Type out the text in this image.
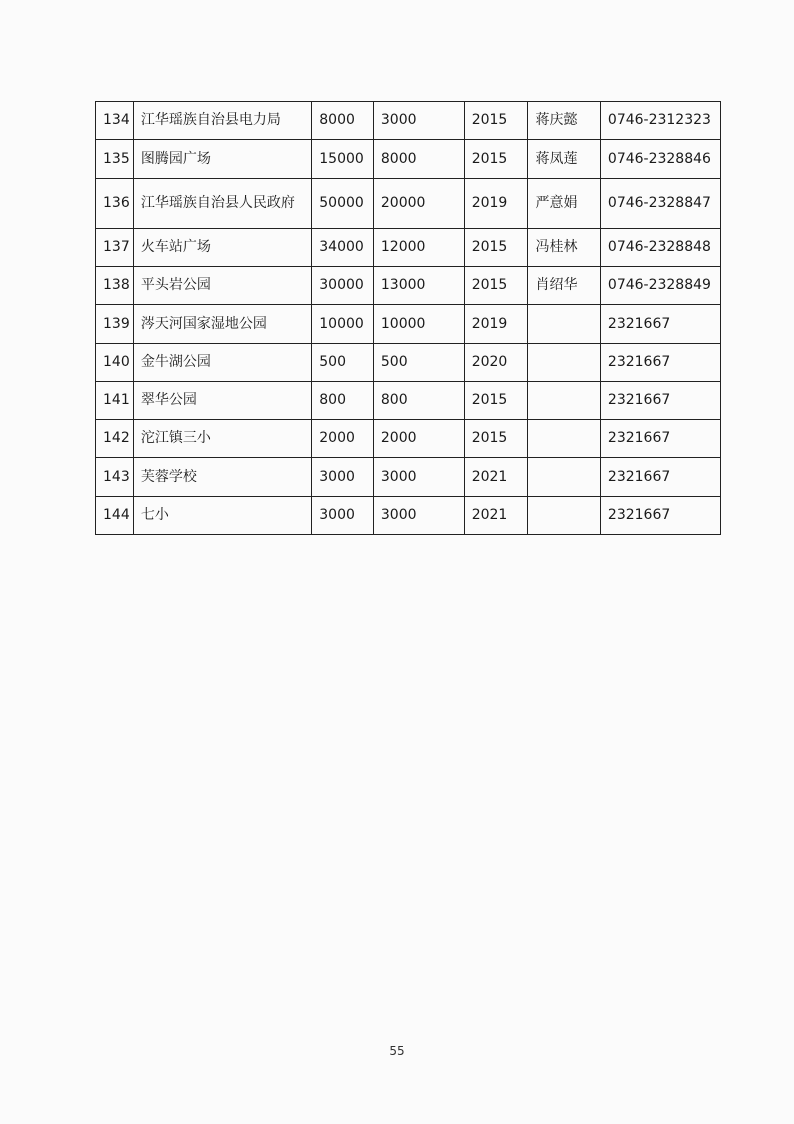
134	江华瑶族自治县电力局	8000	3000	2015	蒋庆懿	0746-2312323
135	图腾园广场	15000	8000	2015	蒋凤莲	0746-2328846
136	江华瑶族自治县人民政府	50000	20000	2019	严意娟	0746-2328847
137	火车站广场	34000	12000	2015	冯桂林	0746-2328848
138	平头岩公园	30000	13000	2015	肖绍华	0746-2328849
139	涔天河国家湿地公园	10000	10000	2019		2321667
140	金牛湖公园	500	500	2020		2321667
141	翠华公园	800	800	2015		2321667
142	沱江镇三小	2000	2000	2015		2321667
143	芙蓉学校	3000	3000	2021		2321667
144	七小	3000	3000	2021		2321667
55
